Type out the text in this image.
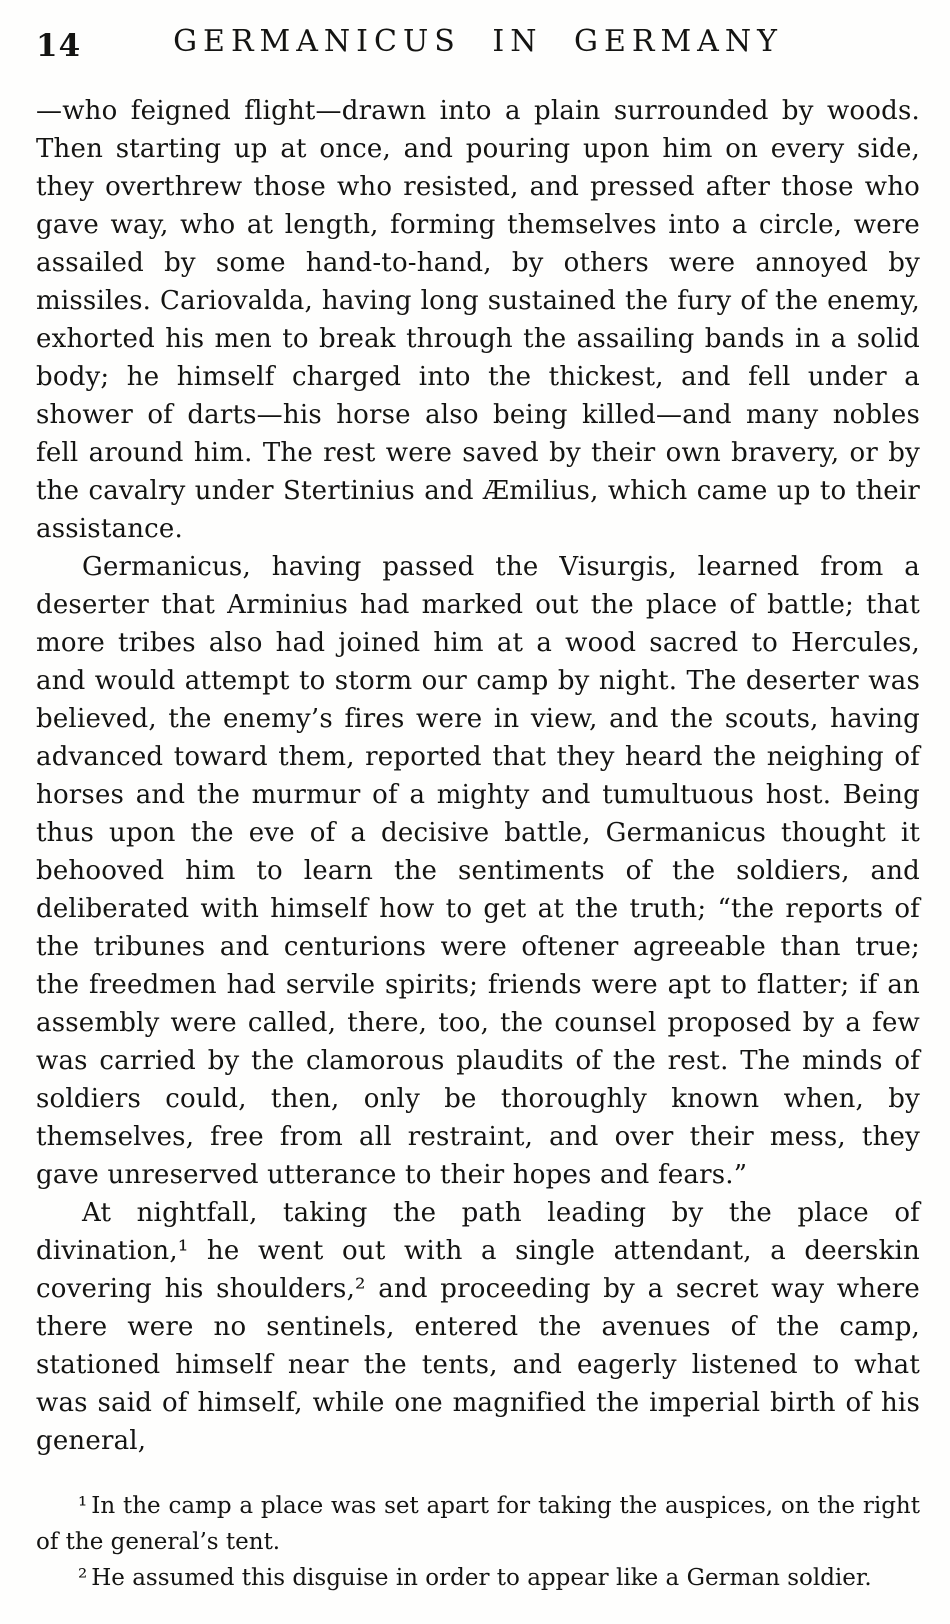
14	GERMANICUS IN GERMANY

—who feigned flight—drawn into a plain surrounded by woods. Then starting up at once, and pouring upon him on every side, they overthrew those who resisted, and pressed after those who gave way, who at length, forming themselves into a circle, were assailed by some hand-to-hand, by others were annoyed by missiles. Cariovalda, having long sustained the fury of the enemy, exhorted his men to break through the assailing bands in a solid body; he himself charged into the thickest, and fell under a shower of darts—his horse also being killed—and many nobles fell around him. The rest were saved by their own bravery, or by the cavalry under Stertinius and Æmilius, which came up to their assistance.

Germanicus, having passed the Visurgis, learned from a deserter that Arminius had marked out the place of battle; that more tribes also had joined him at a wood sacred to Hercules, and would attempt to storm our camp by night. The deserter was believed, the enemy’s fires were in view, and the scouts, having advanced toward them, reported that they heard the neighing of horses and the murmur of a mighty and tumultuous host. Being thus upon the eve of a decisive battle, Germanicus thought it behooved him to learn the sentiments of the soldiers, and deliberated with himself how to get at the truth; “the reports of the tribunes and centurions were oftener agreeable than true; the freedmen had servile spirits; friends were apt to flatter; if an assembly were called, there, too, the counsel proposed by a few was carried by the clamorous plaudits of the rest. The minds of soldiers could, then, only be thoroughly known when, by themselves, free from all restraint, and over their mess, they gave unreserved utterance to their hopes and fears.”

At nightfall, taking the path leading by the place of divination,¹ he went out with a single attendant, a deerskin covering his shoulders,² and proceeding by a secret way where there were no sentinels, entered the avenues of the camp, stationed himself near the tents, and eagerly listened to what was said of himself, while one magnified the imperial birth of his general,

¹ In the camp a place was set apart for taking the auspices, on the right of the general’s tent.

² He assumed this disguise in order to appear like a German soldier.
